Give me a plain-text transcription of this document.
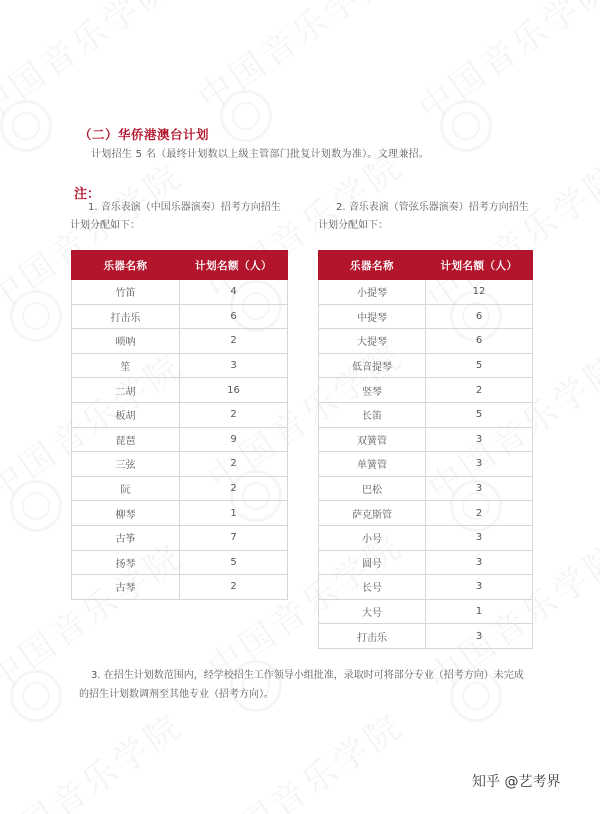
（二）华侨港澳台计划
计划招生 5 名（最终计划数以上级主管部门批复计划数为准）。文理兼招。
注：
1. 音乐表演（中国乐器演奏）招考方向招生
计划分配如下：
2. 音乐表演（管弦乐器演奏）招考方向招生
计划分配如下：
乐器名称	计划名额（人）
竹笛	4
打击乐	6
唢呐	2
笙	3
二胡	16
板胡	2
琵琶	9
三弦	2
阮	2
柳琴	1
古筝	7
扬琴	5
古琴	2
乐器名称	计划名额（人）
小提琴	12
中提琴	6
大提琴	6
低音提琴	5
竖琴	2
长笛	5
双簧管	3
单簧管	3
巴松	3
萨克斯管	2
小号	3
圆号	3
长号	3
大号	1
打击乐	3
3. 在招生计划数范围内，经学校招生工作领导小组批准，录取时可将部分专业（招考方向）未完成
的招生计划数调剂至其他专业（招考方向）。
知乎 @艺考界
